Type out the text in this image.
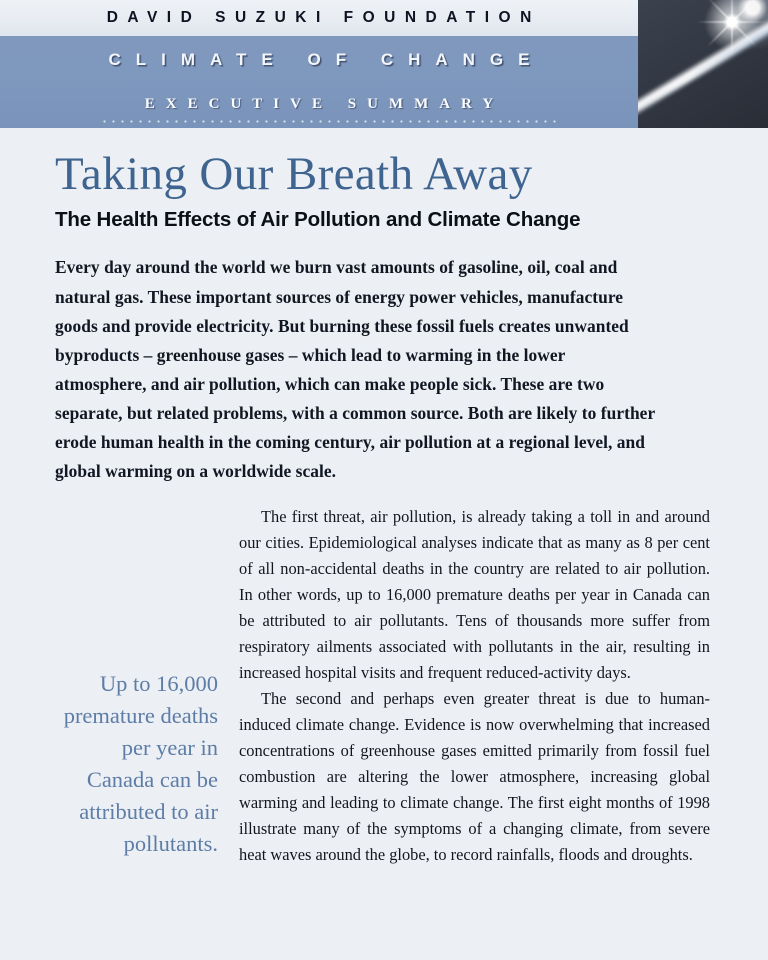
DAVID SUZUKI FOUNDATION
CLIMATE OF CHANGE
EXECUTIVE SUMMARY
Taking Our Breath Away
The Health Effects of Air Pollution and Climate Change

Every day around the world we burn vast amounts of gasoline, oil, coal and natural gas. These important sources of energy power vehicles, manufacture goods and provide electricity. But burning these fossil fuels creates unwanted byproducts – greenhouse gases – which lead to warming in the lower atmosphere, and air pollution, which can make people sick. These are two separate, but related problems, with a common source. Both are likely to further erode human health in the coming century, air pollution at a regional level, and global warming on a worldwide scale.

Up to 16,000 premature deaths per year in Canada can be attributed to air pollutants.

The first threat, air pollution, is already taking a toll in and around our cities. Epidemiological analyses indicate that as many as 8 per cent of all non-accidental deaths in the country are related to air pollution. In other words, up to 16,000 premature deaths per year in Canada can be attributed to air pollutants. Tens of thousands more suffer from respiratory ailments associated with pollutants in the air, resulting in increased hospital visits and frequent reduced-activity days.

The second and perhaps even greater threat is due to human-induced climate change. Evidence is now overwhelming that increased concentrations of greenhouse gases emitted primarily from fossil fuel combustion are altering the lower atmosphere, increasing global warming and leading to climate change. The first eight months of 1998 illustrate many of the symptoms of a changing climate, from severe heat waves around the globe, to record rainfalls, floods and droughts.
